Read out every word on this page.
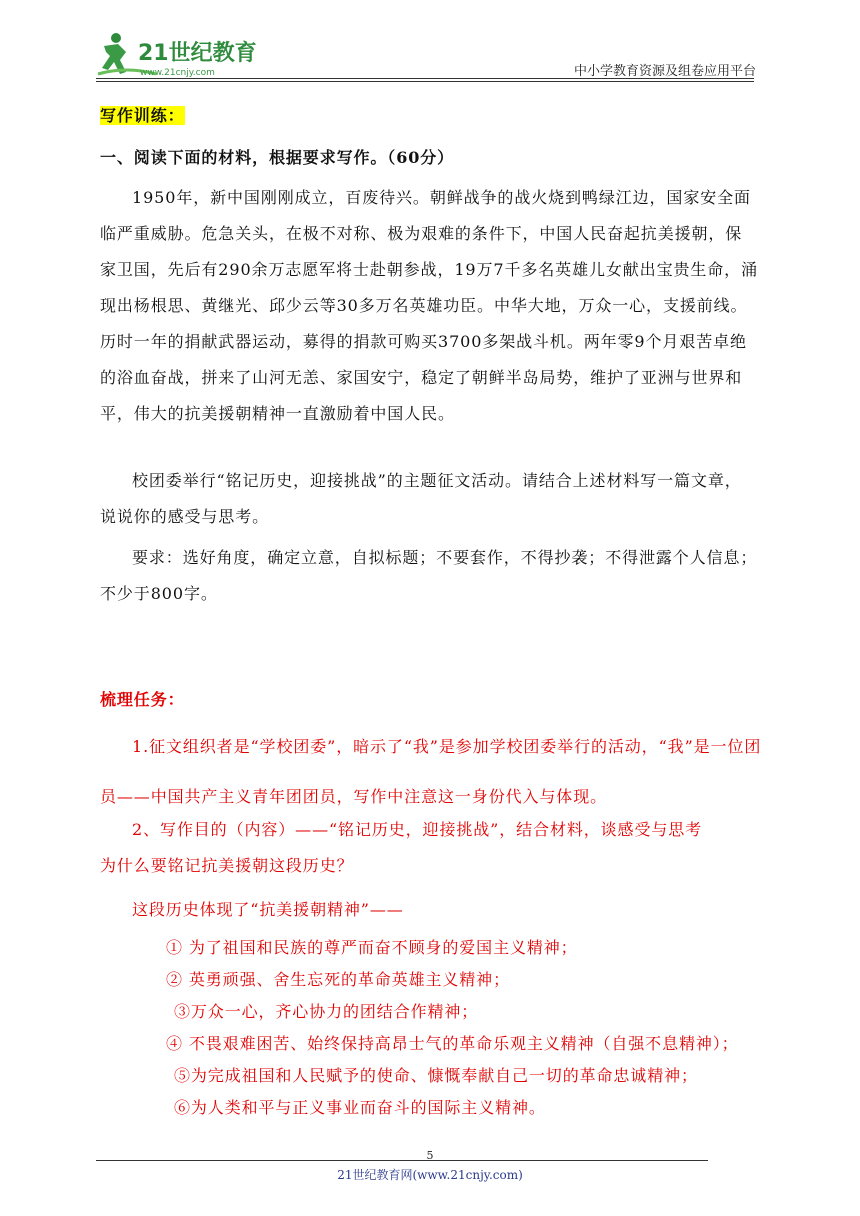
21世纪教育
www.21cnjy.com	中小学教育资源及组卷应用平台
写作训练：
一、阅读下面的材料，根据要求写作。（60分）
1950年，新中国刚刚成立，百废待兴。朝鲜战争的战火烧到鸭绿江边，国家安全面
临严重威胁。危急关头，在极不对称、极为艰难的条件下，中国人民奋起抗美援朝，保
家卫国，先后有290余万志愿军将士赴朝参战，19万7千多名英雄儿女献出宝贵生命，涌
现出杨根思、黄继光、邱少云等30多万名英雄功臣。中华大地，万众一心，支援前线。
历时一年的捐献武器运动，募得的捐款可购买3700多架战斗机。两年零9个月艰苦卓绝
的浴血奋战，拼来了山河无恙、家国安宁，稳定了朝鲜半岛局势，维护了亚洲与世界和
平，伟大的抗美援朝精神一直激励着中国人民。
校团委举行“铭记历史，迎接挑战”的主题征文活动。请结合上述材料写一篇文章，
说说你的感受与思考。
要求：选好角度，确定立意，自拟标题；不要套作，不得抄袭；不得泄露个人信息；
不少于800字。
梳理任务：
1.征文组织者是“学校团委”，暗示了“我”是参加学校团委举行的活动，“我”是一位团
员——中国共产主义青年团团员，写作中注意这一身份代入与体现。
2、写作目的（内容）——“铭记历史，迎接挑战”，结合材料，谈感受与思考
为什么要铭记抗美援朝这段历史？
这段历史体现了“抗美援朝精神”——
① 为了祖国和民族的尊严而奋不顾身的爱国主义精神；
② 英勇顽强、舍生忘死的革命英雄主义精神；
③万众一心，齐心协力的团结合作精神；
④ 不畏艰难困苦、始终保持高昂士气的革命乐观主义精神（自强不息精神）；
⑤为完成祖国和人民赋予的使命、慷慨奉献自己一切的革命忠诚精神；
⑥为人类和平与正义事业而奋斗的国际主义精神。
5
21世纪教育网(www.21cnjy.com)
